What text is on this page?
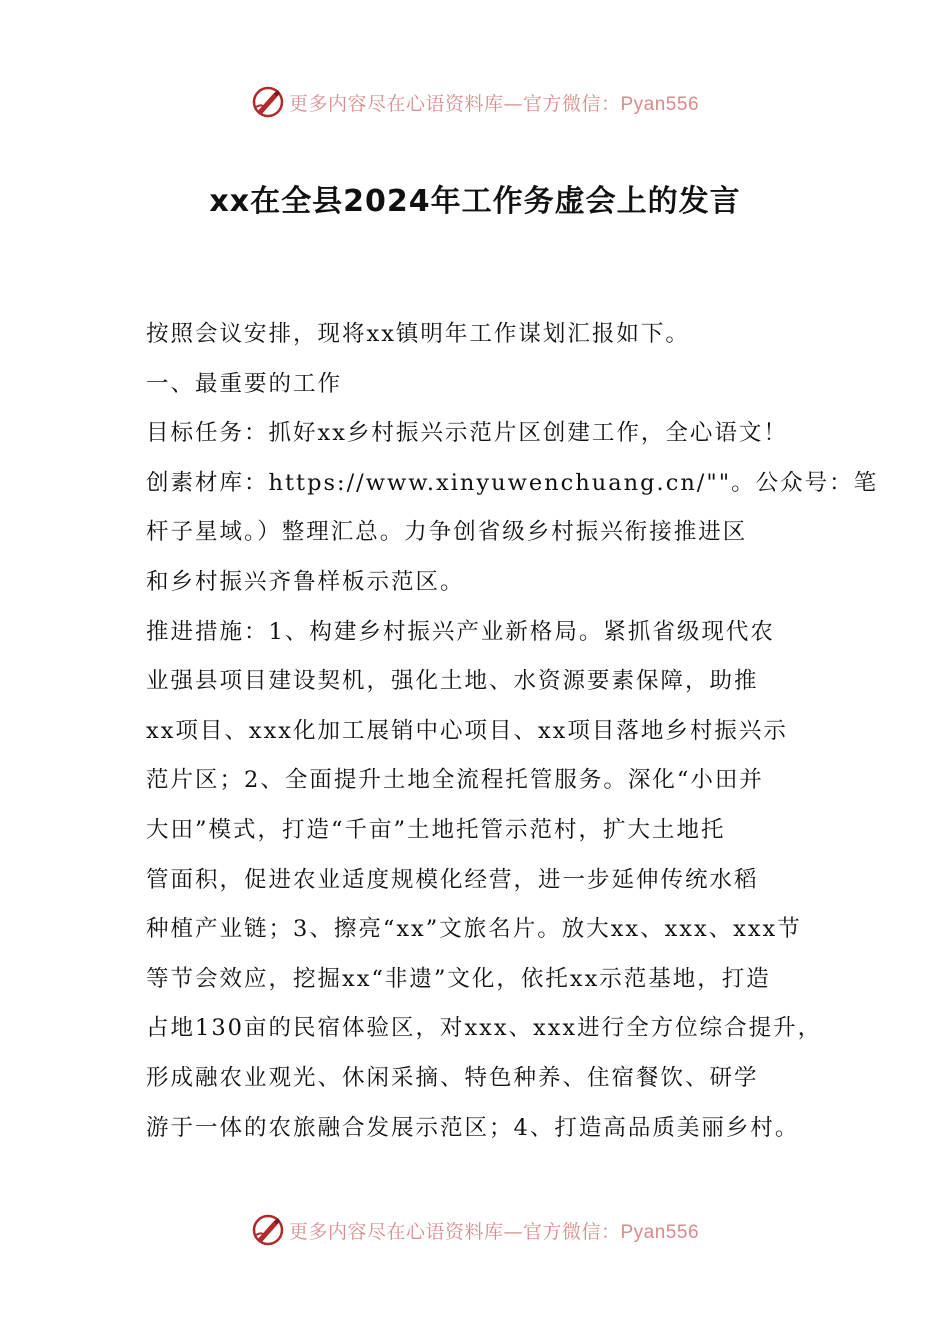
更多内容尽在心语资料库—官方微信：Pyan556
xx在全县2024年工作务虚会上的发言
按照会议安排，现将xx镇明年工作谋划汇报如下。
一、最重要的工作
目标任务：抓好xx乡村振兴示范片区创建工作，全心语文！
创素材库：https://www.xinyuwenchuang.cn/""。公众号：笔
杆子星域。）整理汇总。力争创省级乡村振兴衔接推进区
和乡村振兴齐鲁样板示范区。
推进措施：1、构建乡村振兴产业新格局。紧抓省级现代农
业强县项目建设契机，强化土地、水资源要素保障，助推
xx项目、xxx化加工展销中心项目、xx项目落地乡村振兴示
范片区；2、全面提升土地全流程托管服务。深化“小田并
大田”模式，打造“千亩”土地托管示范村，扩大土地托
管面积，促进农业适度规模化经营，进一步延伸传统水稻
种植产业链；3、擦亮“xx”文旅名片。放大xx、xxx、xxx节
等节会效应，挖掘xx“非遗”文化，依托xx示范基地，打造
占地130亩的民宿体验区，对xxx、xxx进行全方位综合提升，
形成融农业观光、休闲采摘、特色种养、住宿餐饮、研学
游于一体的农旅融合发展示范区；4、打造高品质美丽乡村。
更多内容尽在心语资料库—官方微信：Pyan556
